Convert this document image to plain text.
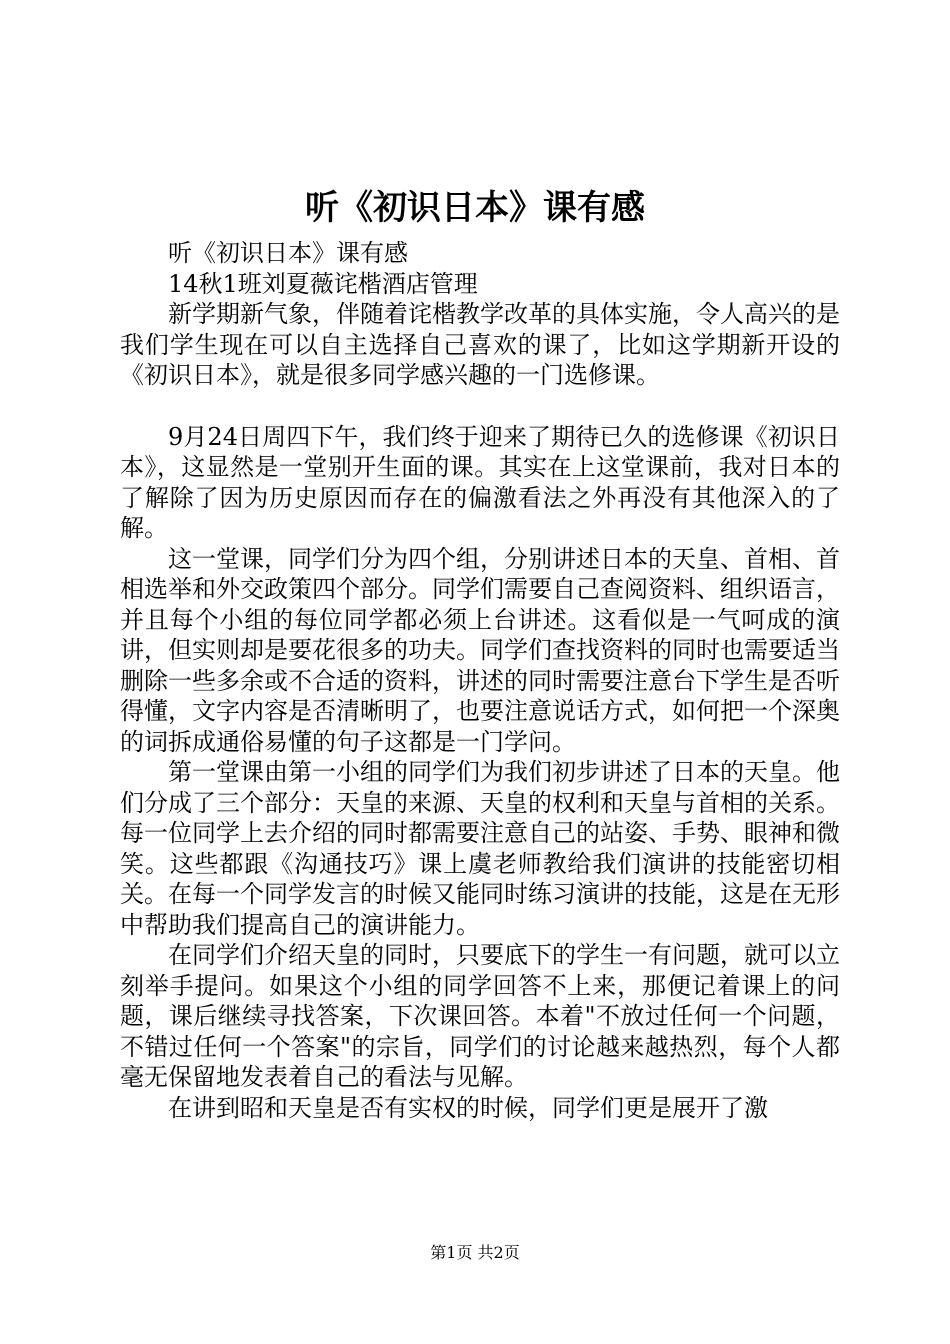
听《初识日本》课有感

听《初识日本》课有感

14秋1班刘夏薇诧楷酒店管理

新学期新气象，伴随着诧楷教学改革的具体实施，令人高兴的是我们学生现在可以自主选择自己喜欢的课了，比如这学期新开设的《初识日本》，就是很多同学感兴趣的一门选修课。

9月24日周四下午，我们终于迎来了期待已久的选修课《初识日本》，这显然是一堂别开生面的课。其实在上这堂课前，我对日本的了解除了因为历史原因而存在的偏激看法之外再没有其他深入的了解。

这一堂课，同学们分为四个组，分别讲述日本的天皇、首相、首相选举和外交政策四个部分。同学们需要自己查阅资料、组织语言，并且每个小组的每位同学都必须上台讲述。这看似是一气呵成的演讲，但实则却是要花很多的功夫。同学们查找资料的同时也需要适当删除一些多余或不合适的资料，讲述的同时需要注意台下学生是否听得懂，文字内容是否清晰明了，也要注意说话方式，如何把一个深奥的词拆成通俗易懂的句子这都是一门学问。

第一堂课由第一小组的同学们为我们初步讲述了日本的天皇。他们分成了三个部分：天皇的来源、天皇的权利和天皇与首相的关系。每一位同学上去介绍的同时都需要注意自己的站姿、手势、眼神和微笑。这些都跟《沟通技巧》课上虞老师教给我们演讲的技能密切相关。在每一个同学发言的时候又能同时练习演讲的技能，这是在无形中帮助我们提高自己的演讲能力。

在同学们介绍天皇的同时，只要底下的学生一有问题，就可以立刻举手提问。如果这个小组的同学回答不上来，那便记着课上的问题，课后继续寻找答案，下次课回答。本着"不放过任何一个问题，不错过任何一个答案"的宗旨，同学们的讨论越来越热烈，每个人都毫无保留地发表着自己的看法与见解。

在讲到昭和天皇是否有实权的时候，同学们更是展开了激

第1页 共2页
